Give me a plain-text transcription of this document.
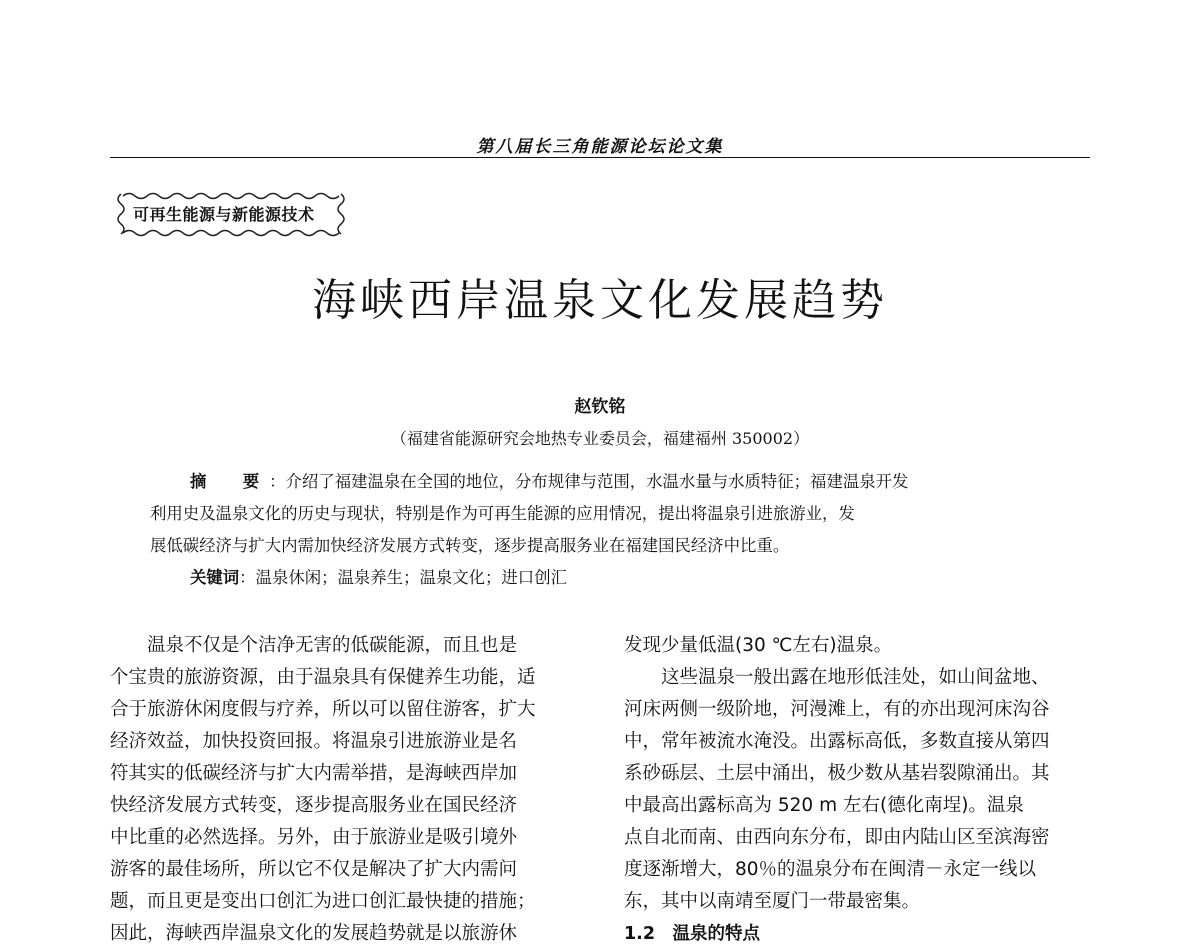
第八届长三角能源论坛论文集
可再生能源与新能源技术
海峡西岸温泉文化发展趋势
赵钦铭
（福建省能源研究会地热专业委员会，福建福州 350002）
摘　要：介绍了福建温泉在全国的地位，分布规律与范围，水温水量与水质特征；福建温泉开发
利用史及温泉文化的历史与现状，特别是作为可再生能源的应用情况，提出将温泉引进旅游业，发
展低碳经济与扩大内需加快经济发展方式转变，逐步提高服务业在福建国民经济中比重。
关键词：温泉休闲；温泉养生；温泉文化；进口创汇
温泉不仅是个洁净无害的低碳能源，而且也是
个宝贵的旅游资源，由于温泉具有保健养生功能，适
合于旅游休闲度假与疗养，所以可以留住游客，扩大
经济效益，加快投资回报。将温泉引进旅游业是名
符其实的低碳经济与扩大内需举措，是海峡西岸加
快经济发展方式转变，逐步提高服务业在国民经济
中比重的必然选择。另外，由于旅游业是吸引境外
游客的最佳场所，所以它不仅是解决了扩大内需问
题，而且更是变出口创汇为进口创汇最快捷的措施；
因此，海峡西岸温泉文化的发展趋势就是以旅游休
发现少量低温(30 ℃左右)温泉。
这些温泉一般出露在地形低洼处，如山间盆地、
河床两侧一级阶地，河漫滩上，有的亦出现河床沟谷
中，常年被流水淹没。出露标高低，多数直接从第四
系砂砾层、土层中涌出，极少数从基岩裂隙涌出。其
中最高出露标高为 520 m 左右(德化南埕)。温泉
点自北而南、由西向东分布，即由内陆山区至滨海密
度逐渐增大，80％的温泉分布在闽清－永定一线以
东，其中以南靖至厦门一带最密集。
1.2　温泉的特点
